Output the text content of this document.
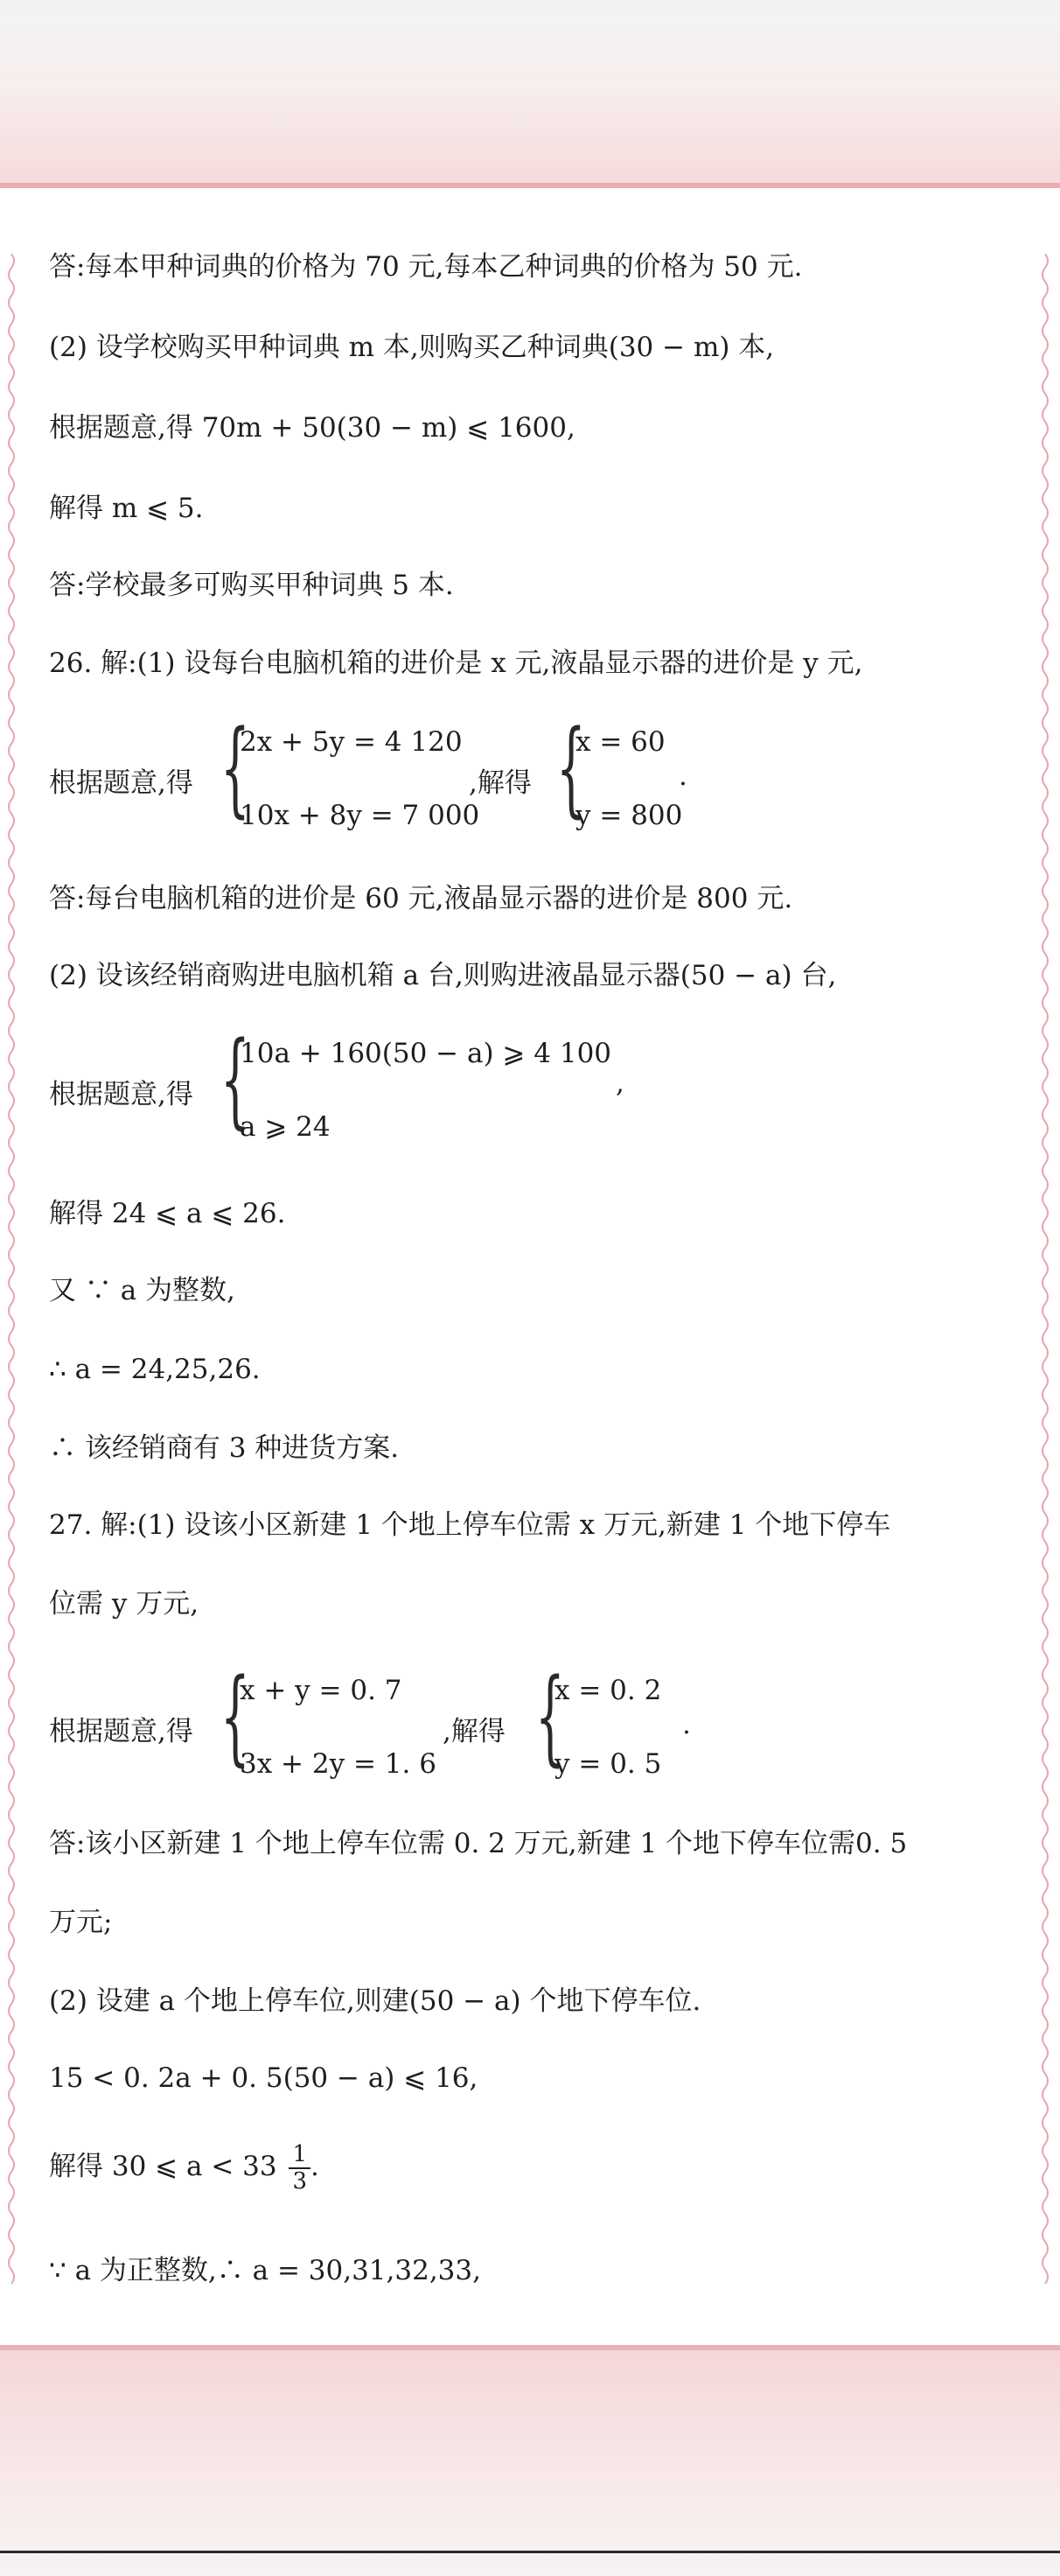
答:每本甲种词典的价格为 70 元,每本乙种词典的价格为 50 元.
(2) 设学校购买甲种词典 m 本,则购买乙种词典(30 − m) 本,
根据题意,得 70m + 50(30 − m) ⩽ 1600,
解得 m ⩽ 5.
答:学校最多可购买甲种词典 5 本.
26. 解:(1) 设每台电脑机箱的进价是 x 元,液晶显示器的进价是 y 元,
根据题意,得 {
2x + 5y = 4 120
10x + 8y = 7 000
,解得 {
x = 60
y = 800
.
答:每台电脑机箱的进价是 60 元,液晶显示器的进价是 800 元.
(2) 设该经销商购进电脑机箱 a 台,则购进液晶显示器(50 − a) 台,
根据题意,得 {
10a + 160(50 − a) ⩾ 4 100
a ⩾ 24
,
解得 24 ⩽ a ⩽ 26.
又 ∵ a 为整数,
∴ a = 24,25,26.
∴ 该经销商有 3 种进货方案.
27. 解:(1) 设该小区新建 1 个地上停车位需 x 万元,新建 1 个地下停车
位需 y 万元,
根据题意,得 {
x + y = 0. 7
3x + 2y = 1. 6
,解得 {
x = 0. 2
y = 0. 5
.
答:该小区新建 1 个地上停车位需 0. 2 万元,新建 1 个地下停车位需0. 5
万元;
(2) 设建 a 个地上停车位,则建(50 − a) 个地下停车位.
15 < 0. 2a + 0. 5(50 − a) ⩽ 16,
解得 30 ⩽ $a < 33 \frac{1}{3}$ .
∵ a 为正整数,∴ a = 30,31,32,33,
